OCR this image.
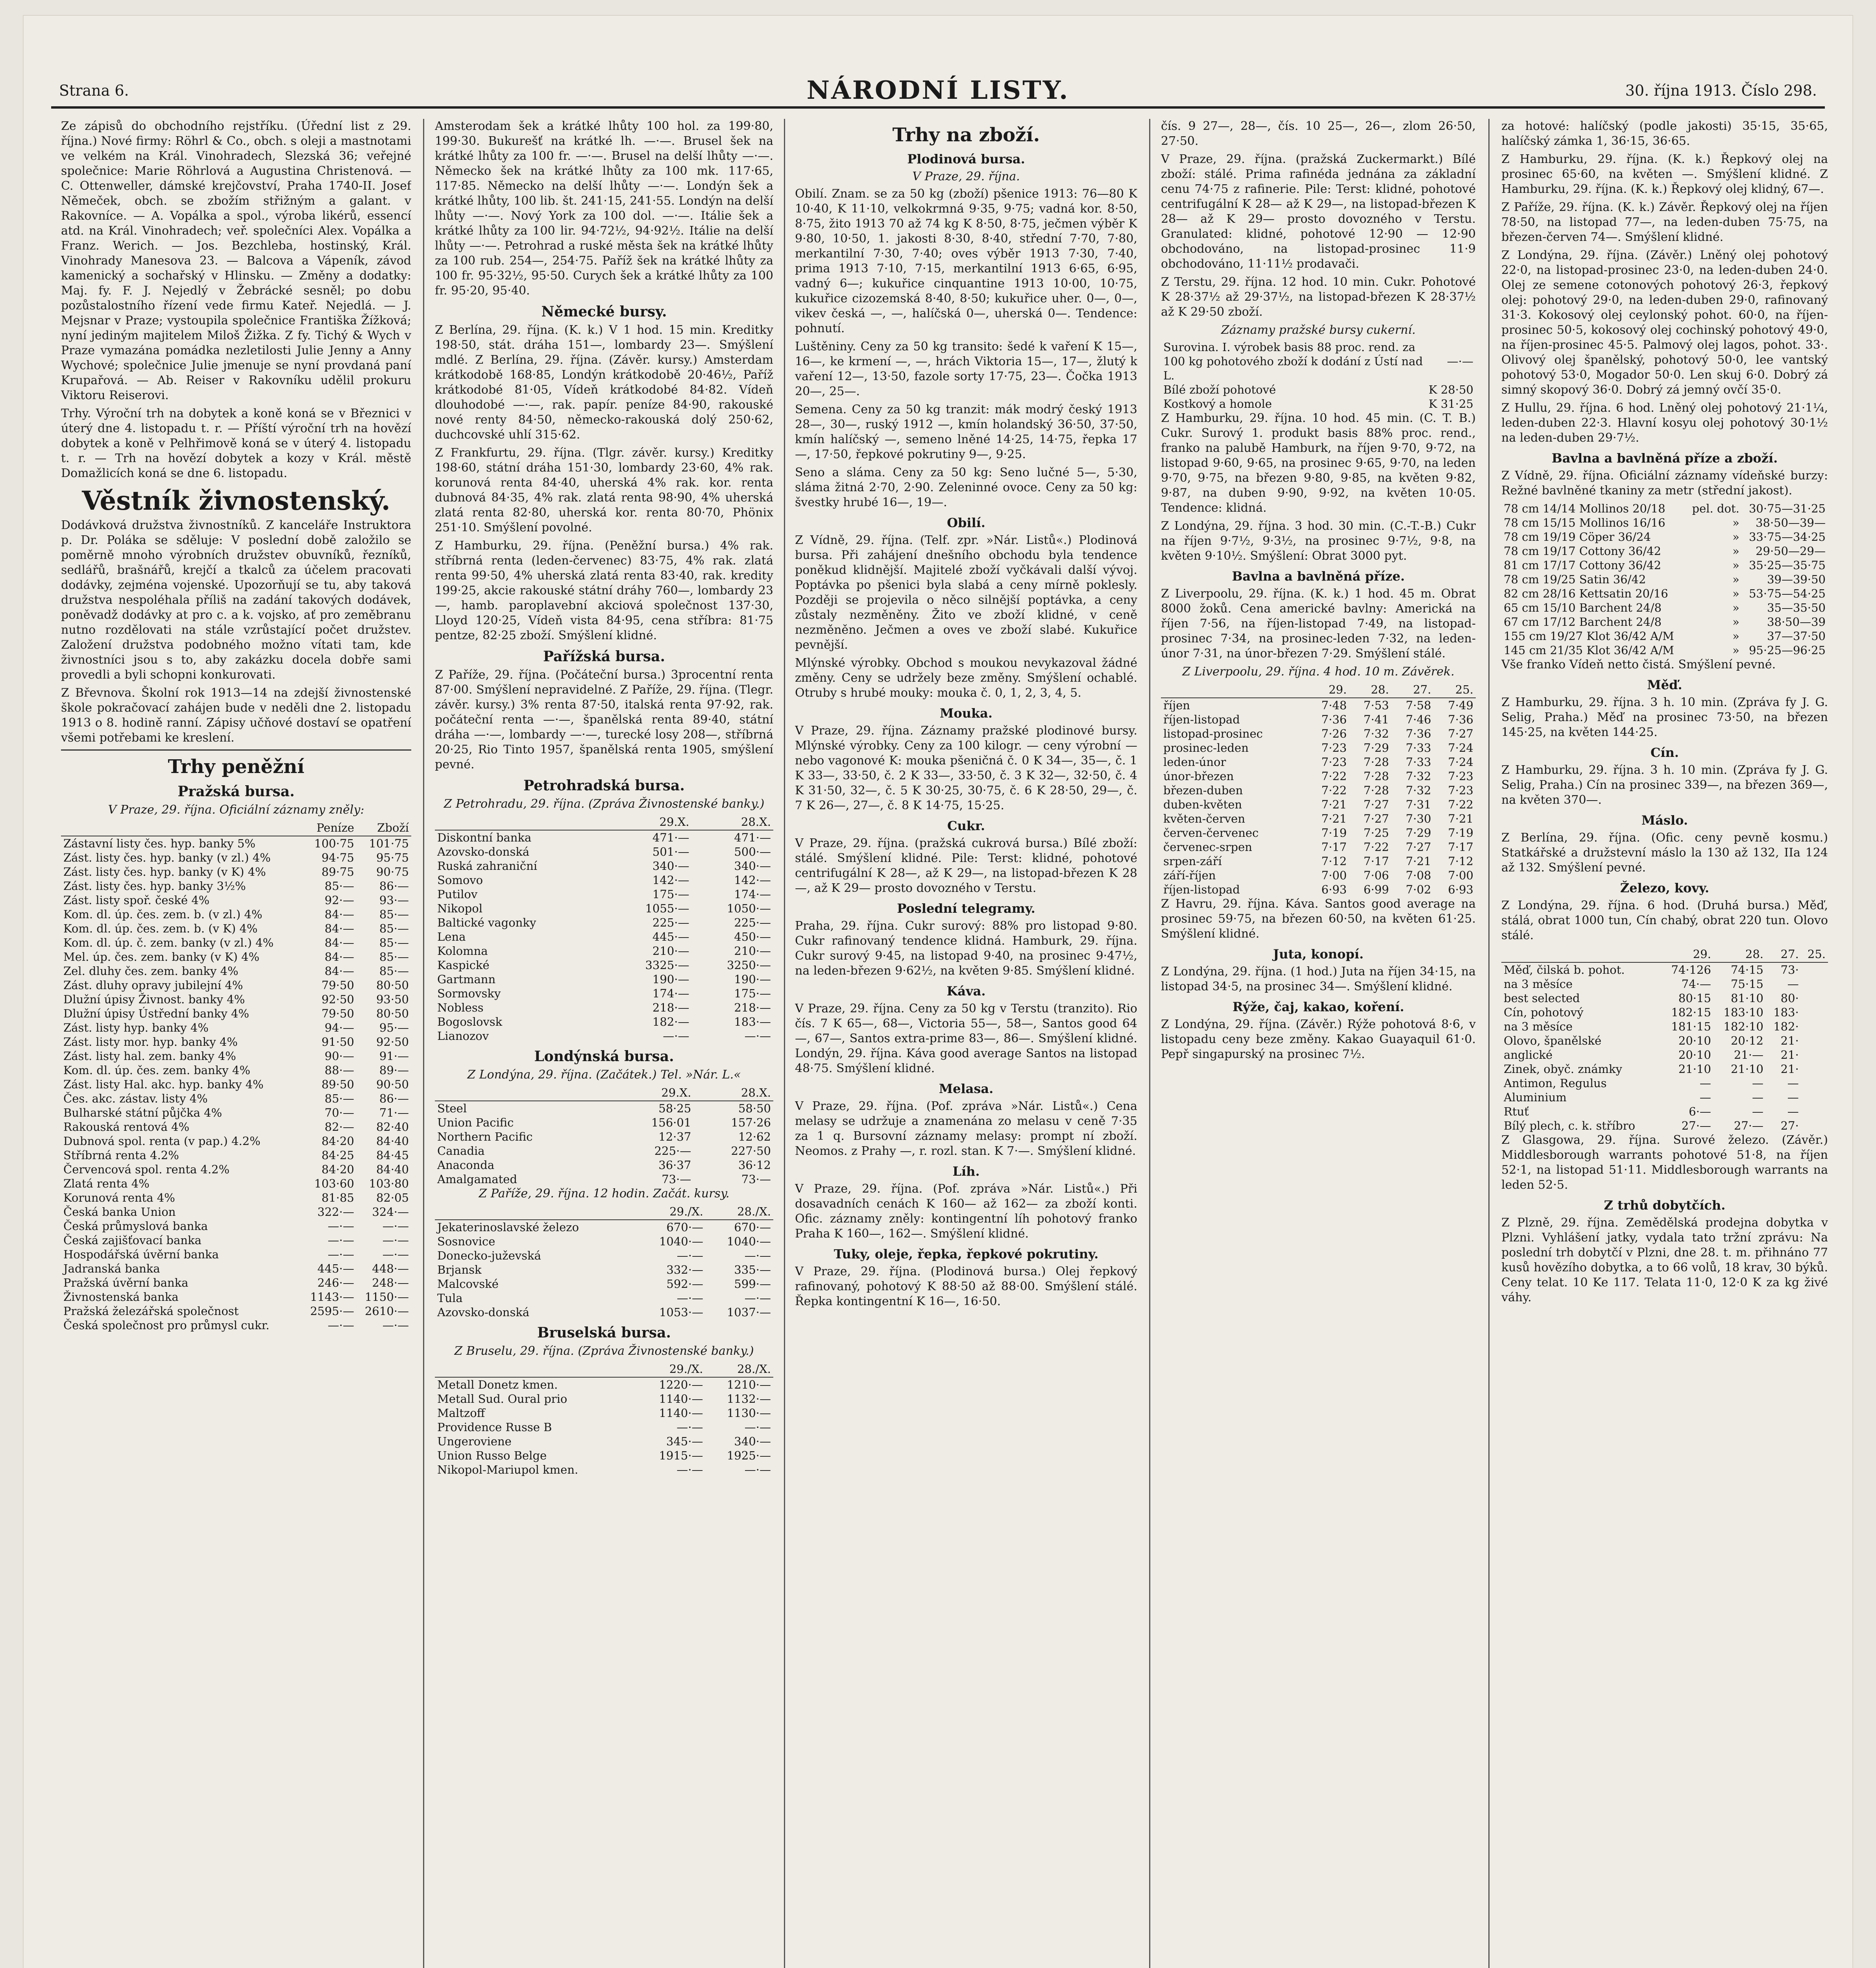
Strana 6.	NÁRODNÍ LISTY.	30. října 1913. Číslo 298.

Ze zápisů do obchodního rejstříku. (Úřední list z 29. října.) Nové firmy: Röhrl & Co., obch. s oleji a mastnotami ve velkém na Král. Vinohradech, Slezská 36; veřejné společnice: Marie Röhrlová a Augustina Christenová. — C. Ottenweller, dámské krejčovství, Praha 1740-II. Josef Němeček, obch. se zbožím střižným a galant. v Rakovníce. — A. Vopálka a spol., výroba likérů, essencí atd. na Král. Vinohradech; veř. společníci Alex. Vopálka a Franz. Werich. — Jos. Bezchleba, hostinský, Král. Vinohrady Manesova 23. — Balcova a Vápeník, závod kamenický a sochařský v Hlinsku. — Změny a dodatky: Maj. fy. F. J. Nejedlý v Žebrácké sesněl; po dobu pozůstalostního řízení vede firmu Kateř. Nejedlá. — J. Mejsnar v Praze; vystoupila společnice Františka Žížková; nyní jediným majitelem Miloš Žižka. Z fy. Tichý & Wych v Praze vymazána pomádka nezletilosti Julie Jenny a Anny Wychové; společnice Julie jmenuje se nyní provdaná paní Krupařová. — Ab. Reiser v Rakovníku udělil prokuru Viktoru Reiserovi.

Trhy. Výroční trh na dobytek a koně koná se v Březnici v úterý dne 4. listopadu t. r. — Příští výroční trh na hovězí dobytek a koně v Pelhřimově koná se v úterý 4. listopadu t. r. — Trh na hovězí dobytek a kozy v Král. městě Domažlicích koná se dne 6. listopadu.

Věstník živnostenský.

Dodávková družstva živnostníků. Z kanceláře Instruktora p. Dr. Poláka se sděluje: V poslední době založilo se poměrně mnoho výrobních družstev obuvníků, řezníků, sedlářů, brašnářů, krejčí a tkalců za účelem pracovati dodávky, zejména vojenské. Upozorňují se tu, aby taková družstva nespoléhala příliš na zadání takových dodávek, poněvadž dodávky at pro c. a k. vojsko, ať pro zeměbranu nutno rozdělovati na stále vzrůstající počet družstev. Založení družstva podobného možno vítati tam, kde živnostníci jsou s to, aby zakázku docela dobře sami provedli a byli schopni konkurovati.

Z Břevnova. Školní rok 1913—14 na zdejší živnostenské škole pokračovací zahájen bude v neděli dne 2. listopadu 1913 o 8. hodině ranní. Zápisy učňové dostaví se opatření všemi potřebami ke kreslení.

Trhy peněžní
Pražská bursa.
V Praze, 29. října. Oficiální záznamy zněly:
	Peníze	Zboží
Zástavní listy čes. hyp. banky 5%	100·75	101·75
Zást. listy čes. hyp. banky (v zl.) 4%	94·75	95·75
Zást. listy čes. hyp. banky (v K) 4%	89·75	90·75
Zást. listy čes. hyp. banky 3½%	85·—	86·—
Zást. listy spoř. české 4%	92·—	93·—
Kom. dl. úp. čes. zem. b. (v zl.) 4%	84·—	85·—
Kom. dl. úp. čes. zem. b. (v K) 4%	84·—	85·—
Kom. dl. úp. č. zem. banky (v zl.) 4%	84·—	85·—
Mel. úp. čes. zem. banky (v K) 4%	84·—	85·—
Zel. dluhy čes. zem. banky 4%	84·—	85·—
Zást. dluhy opravy jubilejní 4%	79·50	80·50
Dlužní úpisy Živnost. banky 4%	92·50	93·50
Dlužní úpisy Ústřední banky 4%	79·50	80·50
Zást. listy hyp. banky 4%	94·—	95·—
Zást. listy mor. hyp. banky 4%	91·50	92·50
Zást. listy hal. zem. banky 4%	90·—	91·—
Kom. dl. úp. čes. zem. banky 4%	88·—	89·—
Zást. listy Hal. akc. hyp. banky 4%	89·50	90·50
Čes. akc. zástav. listy 4%	85·—	86·—
Bulharské státní půjčka 4%	70·—	71·—
Rakouská rentová 4%	82·—	82·40
Dubnová spol. renta (v pap.) 4.2%	84·20	84·40
Stříbrná renta 4.2%	84·25	84·45
Červencová spol. renta 4.2%	84·20	84·40
Zlatá renta 4%	103·60	103·80
Korunová renta 4%	81·85	82·05
Česká banka Union	322·—	324·—
Česká průmyslová banka	—·—	—·—
Česká zajišťovací banka	—·—	—·—
Hospodářská úvěrní banka	—·—	—·—
Jadranská banka	445·—	448·—
Pražská úvěrní banka	246·—	248·—
Živnostenská banka	1143·—	1150·—
Pražská železářská společnost	2595·—	2610·—
Česká společnost pro průmysl cukr.	—·—	—·—

Amsterodam šek a krátké lhůty 100 hol. za 199·80, 199·30. Bukurešť na krátké lh. —·—. Brusel šek na krátké lhůty za 100 fr. —·—. Brusel na delší lhůty —·—. Německo šek na krátké lhůty za 100 mk. 117·65, 117·85. Německo na delší lhůty —·—. Londýn šek a krátké lhůty, 100 lib. št. 241·15, 241·55. Londýn na delší lhůty —·—. Nový York za 100 dol. —·—. Itálie šek a krátké lhůty za 100 lir. 94·72½, 94·92½. Itálie na delší lhůty —·—. Petrohrad a ruské města šek na krátké lhůty za 100 rub. 254—, 254·75. Paříž šek na krátké lhůty za 100 fr. 95·32½, 95·50. Curych šek a krátké lhůty za 100 fr. 95·20, 95·40.

Německé bursy.

Z Berlína, 29. října. (K. k.) V 1 hod. 15 min. Kreditky 198·50, stát. dráha 151—, lombardy 23—. Smýšlení mdlé. Z Berlína, 29. října. (Závěr. kursy.) Amsterdam krátkodobě 168·85, Londýn krátkodobě 20·46½, Paříž krátkodobé 81·05, Vídeň krátkodobé 84·82. Vídeň dlouhodobé —·—, rak. papír. peníze 84·90, rakouské nové renty 84·50, německo-rakouská dolý 250·62, duchcovské uhlí 315·62.

Z Frankfurtu, 29. října. (Tlgr. závěr. kursy.) Kreditky 198·60, státní dráha 151·30, lombardy 23·60, 4% rak. korunová renta 84·40, uherská 4% rak. kor. renta dubnová 84·35, 4% rak. zlatá renta 98·90, 4% uherská zlatá renta 82·80, uherská kor. renta 80·70, Phönix 251·10. Smýšlení povolné.

Z Hamburku, 29. října. (Peněžní bursa.) 4% rak. stříbrná renta (leden-červenec) 83·75, 4% rak. zlatá renta 99·50, 4% uherská zlatá renta 83·40, rak. kredity 199·25, akcie rakouské státní dráhy 760—, lombardy 23—, hamb. paroplavební akciová společnost 137·30, Lloyd 120·25, Vídeň vista 84·95, cena stříbra: 81·75 pentze, 82·25 zboží. Smýšlení klidné.

Pařížská bursa.

Z Paříže, 29. října. (Počáteční bursa.) 3procentní renta 87·00. Smýšlení nepravidelné. Z Paříže, 29. října. (Tlegr. závěr. kursy.) 3% renta 87·50, italská renta 97·92, rak. počáteční renta —·—, španělská renta 89·40, státní dráha —·—, lombardy —·—, turecké losy 208—, stříbrná 20·25, Rio Tinto 1957, španělská renta 1905, smýšlení pevné.

Petrohradská bursa.
Z Petrohradu, 29. října. (Zpráva Živnostenské banky.)
	29.X.	28.X.
Diskontní banka	471·—	471·—
Azovsko-donská	501·—	500·—
Ruská zahraniční	340·—	340·—
Somovo	142·—	142·—
Putilov	175·—	174·—
Nikopol	1055·—	1050·—
Baltické vagonky	225·—	225·—
Lena	445·—	450·—
Kolomna	210·—	210·—
Kaspické	3325·—	3250·—
Gartmann	190·—	190·—
Sormovsky	174·—	175·—
Nobless	218·—	218·—
Bogoslovsk	182·—	183·—
Lianozov	—·—	—·—
Londýnská bursa.
Z Londýna, 29. října. (Začátek.) Tel. »Nár. L.«
	29.X.	28.X.
Steel	58·25	58·50
Union Pacific	156·01	157·26
Northern Pacific	12·37	12·62
Canadia	225·—	227·50
Anaconda	36·37	36·12
Amalgamated	73·—	73·—
Z Paříže, 29. října. 12 hodin. Začát. kursy.
	29./X.	28./X.
Jekaterinoslavské železo	670·—	670·—
Sosnovice	1040·—	1040·—
Donecko-juževská	—·—	—·—
Brjansk	332·—	335·—
Malcovské	592·—	599·—
Tula	—·—	—·—
Azovsko-donská	1053·—	1037·—
Bruselská bursa.
Z Bruselu, 29. října. (Zpráva Živnostenské banky.)
	29./X.	28./X.
Metall Donetz kmen.	1220·—	1210·—
Metall Sud. Oural prio	1140·—	1132·—
Maltzoff	1140·—	1130·—
Providence Russe B	—·—	—·—
Ungeroviene	345·—	340·—
Union Russo Belge	1915·—	1925·—
Nikopol-Mariupol kmen.	—·—	—·—
Trhy na zboží.
Plodinová bursa.
V Praze, 29. října.

Obilí. Znam. se za 50 kg (zboží) pšenice 1913: 76—80 K 10·40, K 11·10, velkokrmná 9·35, 9·75; vadná kor. 8·50, 8·75, žito 1913 70 až 74 kg K 8·50, 8·75, ječmen výběr K 9·80, 10·50, 1. jakosti 8·30, 8·40, střední 7·70, 7·80, merkantilní 7·30, 7·40; oves výběr 1913 7·30, 7·40, prima 1913 7·10, 7·15, merkantilní 1913 6·65, 6·95, vadný 6—; kukuřice cinquantine 1913 10·00, 10·75, kukuřice cizozemská 8·40, 8·50; kukuřice uher. 0—, 0—, vikev česká —, —, halíčská 0—, uherská 0—. Tendence: pohnutí.

Luštěniny. Ceny za 50 kg transito: šedé k vaření K 15—, 16—, ke krmení —, —, hrách Viktoria 15—, 17—, žlutý k vaření 12—, 13·50, fazole sorty 17·75, 23—. Čočka 1913 20—, 25—.

Semena. Ceny za 50 kg tranzit: mák modrý český 1913 28—, 30—, ruský 1912 —, kmín holandský 36·50, 37·50, kmín halíčský —, semeno lněné 14·25, 14·75, řepka 17—, 17·50, řepkové pokrutiny 9—, 9·25.

Seno a sláma. Ceny za 50 kg: Seno lučné 5—, 5·30, sláma žitná 2·70, 2·90. Zeleninné ovoce. Ceny za 50 kg: švestky hrubé 16—, 19—.

Obilí.

Z Vídně, 29. října. (Telf. zpr. »Nár. Listů«.) Plodinová bursa. Při zahájení dnešního obchodu byla tendence poněkud klidnější. Majitelé zboží vyčkávali další vývoj. Poptávka po pšenici byla slabá a ceny mírně poklesly. Později se projevila o něco silnější poptávka, a ceny zůstaly nezměněny. Žito ve zboží klidné, v ceně nezměněno. Ječmen a oves ve zboží slabé. Kukuřice pevnější.

Mlýnské výrobky. Obchod s moukou nevykazoval žádné změny. Ceny se udržely beze změny. Smýšlení ochablé. Otruby s hrubé mouky: mouka č. 0, 1, 2, 3, 4, 5.

Mouka.

V Praze, 29. října. Záznamy pražské plodinové bursy. Mlýnské výrobky. Ceny za 100 kilogr. — ceny výrobní — nebo vagonové K: mouka pšeničná č. 0 K 34—, 35—, č. 1 K 33—, 33·50, č. 2 K 33—, 33·50, č. 3 K 32—, 32·50, č. 4 K 31·50, 32—, č. 5 K 30·25, 30·75, č. 6 K 28·50, 29—, č. 7 K 26—, 27—, č. 8 K 14·75, 15·25.

Cukr.

V Praze, 29. října. (pražská cukrová bursa.) Bílé zboží: stálé. Smýšlení klidné. Pile: Terst: klidné, pohotové centrifugální K 28—, až K 29—, na listopad-březen K 28—, až K 29— prosto dovozného v Terstu.

Poslední telegramy.

Praha, 29. října. Cukr surový: 88% pro listopad 9·80. Cukr rafinovaný tendence klidná. Hamburk, 29. října. Cukr surový 9·45, na listopad 9·40, na prosinec 9·47½, na leden-březen 9·62½, na květen 9·85. Smýšlení klidné.

Káva.

V Praze, 29. října. Ceny za 50 kg v Terstu (tranzito). Rio čís. 7 K 65—, 68—, Victoria 55—, 58—, Santos good 64—, 67—, Santos extra-prime 83—, 86—. Smýšlení klidné. Londýn, 29. října. Káva good average Santos na listopad 48·75. Smýšlení klidné.

Melasa.

V Praze, 29. října. (Pof. zpráva »Nár. Listů«.) Cena melasy se udržuje a znamenána zo melasu v ceně 7·35 za 1 q. Bursovní záznamy melasy: prompt ní zboží. Neomos. z Prahy —, r. rozl. stan. K 7·—. Smýšlení klidné.

Líh.

V Praze, 29. října. (Pof. zpráva »Nár. Listů«.) Při dosavadních cenách K 160— až 162— za zboží konti. Ofic. záznamy zněly: kontingentní líh pohotový franko Praha K 160—, 162—. Smýšlení klidné.

Tuky, oleje, řepka, řepkové pokrutiny.

V Praze, 29. října. (Plodinová bursa.) Olej řepkový rafinovaný, pohotový K 88·50 až 88·00. Smýšlení stálé. Řepka kontingentní K 16—, 16·50.

čís. 9 27—, 28—, čís. 10 25—, 26—, zlom 26·50, 27·50.

V Praze, 29. října. (pražská Zuckermarkt.) Bílé zboží: stálé. Prima rafinéda jednána za základní cenu 74·75 z rafinerie. Pile: Terst: klidné, pohotové centrifugální K 28— až K 29—, na listopad-březen K 28— až K 29— prosto dovozného v Terstu. Granulated: klidné, pohotové 12·90 — 12·90 obchodováno, na listopad-prosinec 11·9 obchodováno, 11·11½ prodavači.

Z Terstu, 29. října. 12 hod. 10 min. Cukr. Pohotové K 28·37½ až 29·37½, na listopad-březen K 28·37½ až K 29·50 zboží.

Záznamy pražské bursy cukerní.
Surovina. I. výrobek basis 88 proc. rend. za 100 kg pohotového zboží k dodání z Ústí nad L.	—·—
Bílé zboží pohotové	K 28·50
Kostkový a homole	K 31·25

Z Hamburku, 29. října. 10 hod. 45 min. (C. T. B.) Cukr. Surový 1. produkt basis 88% proc. rend., franko na palubě Hamburk, na říjen 9·70, 9·72, na listopad 9·60, 9·65, na prosinec 9·65, 9·70, na leden 9·70, 9·75, na březen 9·80, 9·85, na květen 9·82, 9·87, na duben 9·90, 9·92, na květen 10·05. Tendence: klidná.

Z Londýna, 29. října. 3 hod. 30 min. (C.-T.-B.) Cukr na říjen 9·7½, 9·3½, na prosinec 9·7½, 9·8, na květen 9·10½. Smýšlení: Obrat 3000 pyt.

Bavlna a bavlněná příze.

Z Liverpoolu, 29. října. (K. k.) 1 hod. 45 m. Obrat 8000 žoků. Cena americké bavlny: Americká na říjen 7·56, na říjen-listopad 7·49, na listopad-prosinec 7·34, na prosinec-leden 7·32, na leden-únor 7·31, na únor-březen 7·29. Smýšlení stálé.

Z Liverpoolu, 29. října. 4 hod. 10 m. Závěrek.
	29.	28.	27.	25.
říjen	7·48	7·53	7·58	7·49
říjen-listopad	7·36	7·41	7·46	7·36
listopad-prosinec	7·26	7·32	7·36	7·27
prosinec-leden	7·23	7·29	7·33	7·24
leden-únor	7·23	7·28	7·33	7·24
únor-březen	7·22	7·28	7·32	7·23
březen-duben	7·22	7·28	7·32	7·23
duben-květen	7·21	7·27	7·31	7·22
květen-červen	7·21	7·27	7·30	7·21
červen-červenec	7·19	7·25	7·29	7·19
červenec-srpen	7·17	7·22	7·27	7·17
srpen-září	7·12	7·17	7·21	7·12
září-říjen	7·00	7·06	7·08	7·00
říjen-listopad	6·93	6·99	7·02	6·93

Z Havru, 29. října. Káva. Santos good average na prosinec 59·75, na březen 60·50, na květen 61·25. Smýšlení klidné.

Juta, konopí.

Z Londýna, 29. října. (1 hod.) Juta na říjen 34·15, na listopad 34·5, na prosinec 34—. Smýšlení klidné.

Rýže, čaj, kakao, koření.

Z Londýna, 29. října. (Závěr.) Rýže pohotová 8·6, v listopadu ceny beze změny. Kakao Guayaquil 61·0. Pepř singapurský na prosinec 7½.

za hotové: halíčský (podle jakosti) 35·15, 35·65, halíčský zámka 1, 36·15, 36·65.

Z Hamburku, 29. října. (K. k.) Řepkový olej na prosinec 65·60, na květen —. Smýšlení klidné. Z Hamburku, 29. října. (K. k.) Řepkový olej klidný, 67—.

Z Paříže, 29. října. (K. k.) Závěr. Řepkový olej na říjen 78·50, na listopad 77—, na leden-duben 75·75, na březen-červen 74—. Smýšlení klidné.

Z Londýna, 29. října. (Závěr.) Lněný olej pohotový 22·0, na listopad-prosinec 23·0, na leden-duben 24·0. Olej ze semene cotonových pohotový 26·3, řepkový olej: pohotový 29·0, na leden-duben 29·0, rafinovaný 31·3. Kokosový olej ceylonský pohot. 60·0, na říjen-prosinec 50·5, kokosový olej cochinský pohotový 49·0, na říjen-prosinec 45·5. Palmový olej lagos, pohot. 33·. Olivový olej španělský, pohotový 50·0, lee vantský pohotový 53·0, Mogador 50·0. Len skuj 6·0. Dobrý zá simný skopový 36·0. Dobrý zá jemný ovčí 35·0.

Z Hullu, 29. října. 6 hod. Lněný olej pohotový 21·1¼, leden-duben 22·3. Hlavní kosyu olej pohotový 30·1½ na leden-duben 29·7½.

Bavlna a bavlněná příze a zboží.

Z Vídně, 29. října. Oficiální záznamy vídeňské burzy: Režné bavlněné tkaniny za metr (střední jakost).

78 cm 14/14 Mollinos 20/18	pel. dot.	30·75—31·25
78 cm 15/15 Mollinos 16/16	»	38·50—39—
78 cm 19/19 Cöper 36/24	»	33·75—34·25
78 cm 19/17 Cottony 36/42	»	29·50—29—
81 cm 17/17 Cottony 36/42	»	35·25—35·75
78 cm 19/25 Satin 36/42	»	39—39·50
82 cm 28/16 Kettsatin 20/16	»	53·75—54·25
65 cm 15/10 Barchent 24/8	»	35—35·50
67 cm 17/12 Barchent 24/8	»	38·50—39
155 cm 19/27 Klot 36/42 A/M	»	37—37·50
145 cm 21/35 Klot 36/42 A/M	»	95·25—96·25

Vše franko Vídeň netto čistá. Smýšlení pevné.

Měď.

Z Hamburku, 29. října. 3 h. 10 min. (Zpráva fy J. G. Selig, Praha.) Měď na prosinec 73·50, na březen 145·25, na květen 144·25.

Cín.

Z Hamburku, 29. října. 3 h. 10 min. (Zpráva fy J. G. Selig, Praha.) Cín na prosinec 339—, na březen 369—, na květen 370—.

Máslo.

Z Berlína, 29. října. (Ofic. ceny pevně kosmu.) Statkářské a družstevní máslo la 130 až 132, IIa 124 až 132. Smýšlení pevné.

Železo, kovy.

Z Londýna, 29. října. 6 hod. (Druhá bursa.) Měď, stálá, obrat 1000 tun, Cín chabý, obrat 220 tun. Olovo stálé.

	29.	28.	27.	25.
Měď, čilská b. pohot.	74·126	74·15	73·	
na 3 měsíce	74·—	75·15	—	
best selected	80·15	81·10	80·	
Cín, pohotový	182·15	183·10	183·	
na 3 měsíce	181·15	182·10	182·	
Olovo, španělské	20·10	20·12	21·	
anglické	20·10	21·—	21·	
Zinek, obyč. známky	21·10	21·10	21·	
Antimon, Regulus	—	—	—	
Aluminium	—	—	—	
Rtuť	6·—	—	—	
Bílý plech, c. k. stříbro	27·—	27·—	27·	

Z Glasgowa, 29. října. Surové železo. (Závěr.) Middlesborough warrants pohotové 51·8, na říjen 52·1, na listopad 51·11. Middlesborough warrants na leden 52·5.

Z trhů dobytčích.

Z Plzně, 29. října. Zemědělská prodejna dobytka v Plzni. Vyhlášení jatky, vydala tato tržní zprávu: Na poslední trh dobytčí v Plzni, dne 28. t. m. přihnáno 77 kusů hovězího dobytka, a to 66 volů, 18 krav, 30 býků. Ceny telat. 10 Ke 117. Telata 11·0, 12·0 K za kg živé váhy.
